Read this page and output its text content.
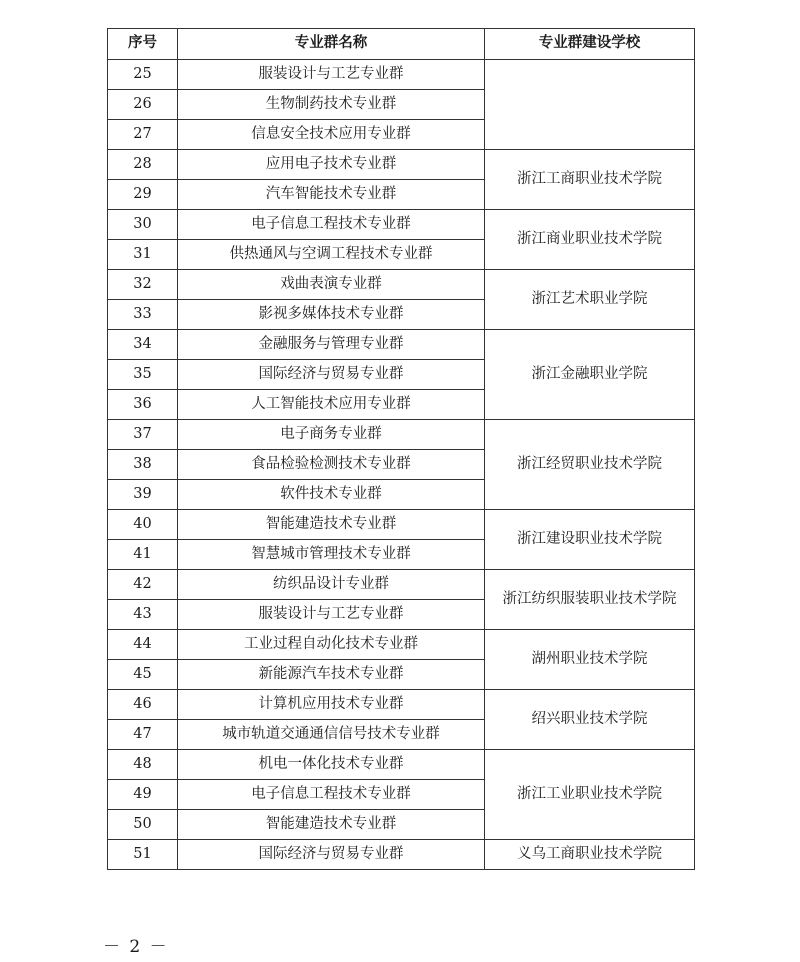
序号	专业群名称	专业群建设学校
25	服装设计与工艺专业群	
26	生物制药技术专业群	
27	信息安全技术应用专业群	
28	应用电子技术专业群	浙江工商职业技术学院
29	汽车智能技术专业群	
30	电子信息工程技术专业群	浙江商业职业技术学院
31	供热通风与空调工程技术专业群	
32	戏曲表演专业群	浙江艺术职业学院
33	影视多媒体技术专业群	
34	金融服务与管理专业群	浙江金融职业学院
35	国际经济与贸易专业群	
36	人工智能技术应用专业群	
37	电子商务专业群	浙江经贸职业技术学院
38	食品检验检测技术专业群	
39	软件技术专业群	
40	智能建造技术专业群	浙江建设职业技术学院
41	智慧城市管理技术专业群	
42	纺织品设计专业群	浙江纺织服装职业技术学院
43	服装设计与工艺专业群	
44	工业过程自动化技术专业群	湖州职业技术学院
45	新能源汽车技术专业群	
46	计算机应用技术专业群	绍兴职业技术学院
47	城市轨道交通通信信号技术专业群	
48	机电一体化技术专业群	浙江工业职业技术学院
49	电子信息工程技术专业群	
50	智能建造技术专业群	
51	国际经济与贸易专业群	义乌工商职业技术学院
－ 2 －
